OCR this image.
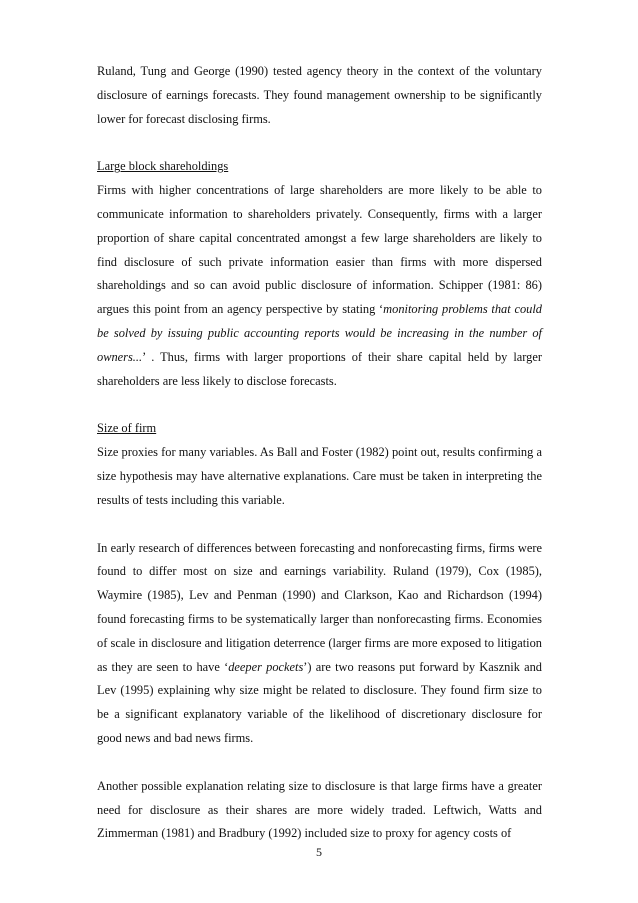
Ruland, Tung and George (1990) tested agency theory in the context of the voluntary disclosure of earnings forecasts. They found management ownership to be significantly lower for forecast disclosing firms.

Large block shareholdings

Firms with higher concentrations of large shareholders are more likely to be able to communicate information to shareholders privately. Consequently, firms with a larger proportion of share capital concentrated amongst a few large shareholders are likely to find disclosure of such private information easier than firms with more dispersed shareholdings and so can avoid public disclosure of information. Schipper (1981: 86) argues this point from an agency perspective by stating ‘monitoring problems that could be solved by issuing public accounting reports would be increasing in the number of owners...’ . Thus, firms with larger proportions of their share capital held by larger shareholders are less likely to disclose forecasts.

Size of firm

Size proxies for many variables. As Ball and Foster (1982) point out, results confirming a size hypothesis may have alternative explanations. Care must be taken in interpreting the results of tests including this variable.

In early research of differences between forecasting and nonforecasting firms, firms were found to differ most on size and earnings variability. Ruland (1979), Cox (1985), Waymire (1985), Lev and Penman (1990) and Clarkson, Kao and Richardson (1994) found forecasting firms to be systematically larger than nonforecasting firms. Economies of scale in disclosure and litigation deterrence (larger firms are more exposed to litigation as they are seen to have ‘deeper pockets’) are two reasons put forward by Kasznik and Lev (1995) explaining why size might be related to disclosure. They found firm size to be a significant explanatory variable of the likelihood of discretionary disclosure for good news and bad news firms.

Another possible explanation relating size to disclosure is that large firms have a greater need for disclosure as their shares are more widely traded. Leftwich, Watts and Zimmerman (1981) and Bradbury (1992) included size to proxy for agency costs of

5
